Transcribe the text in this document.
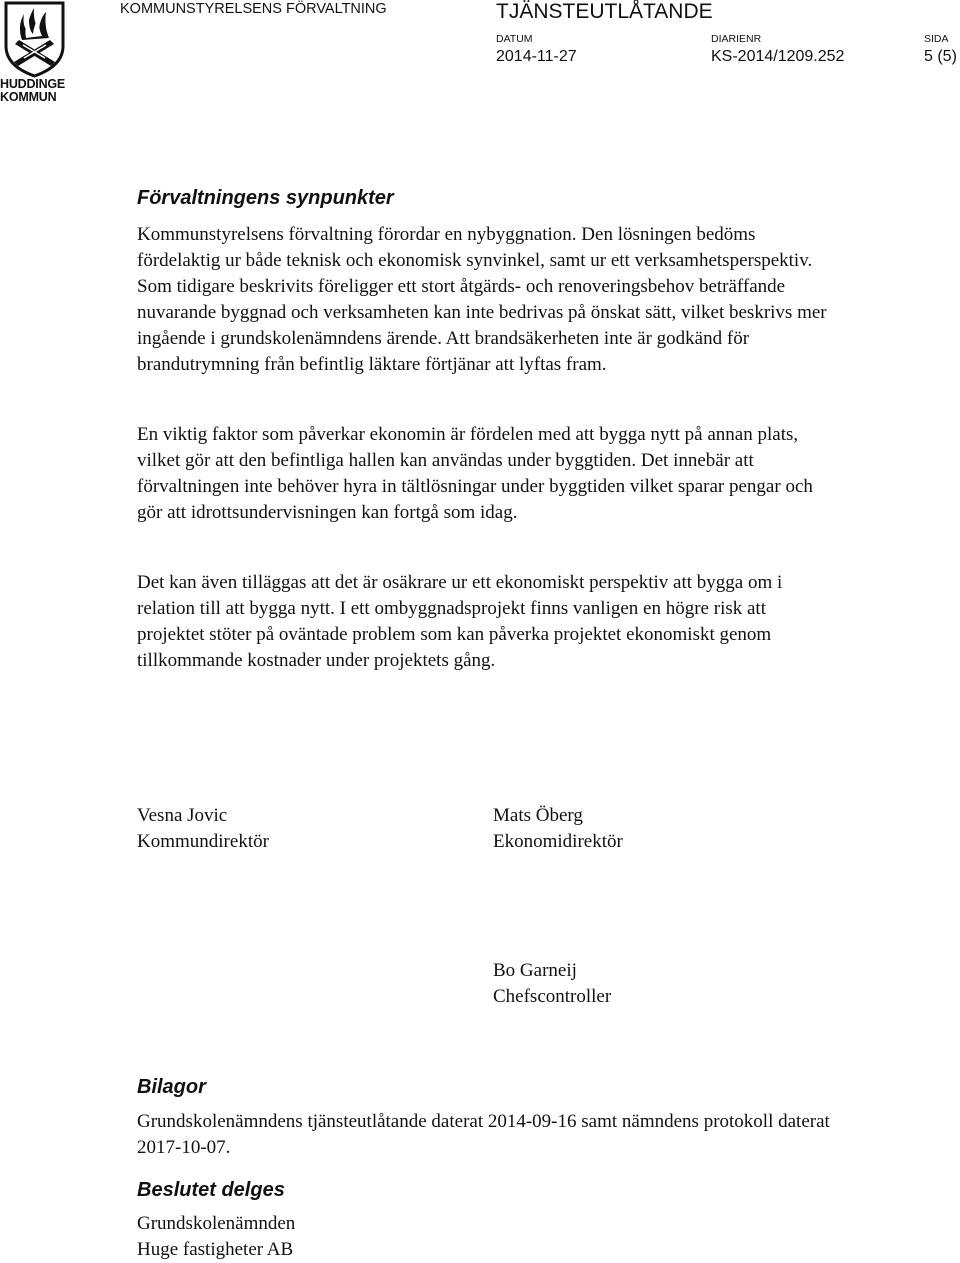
HUDDINGE
KOMMUN
KOMMUNSTYRELSENS FÖRVALTNING	TJÄNSTEUTLÅTANDE
DATUM
2014-11-27
DIARIENR
KS-2014/1209.252
SIDA
5 (5)
Förvaltningens synpunkter

Kommunstyrelsens förvaltning förordar en nybyggnation. Den lösningen bedöms fördelaktig ur både teknisk och ekonomisk synvinkel, samt ur ett verksamhetsperspektiv. Som tidigare beskrivits föreligger ett stort åtgärds- och renoveringsbehov beträffande nuvarande byggnad och verksamheten kan inte bedrivas på önskat sätt, vilket beskrivs mer ingående i grundskolenämndens ärende. Att brandsäkerheten inte är godkänd för brandutrymning från befintlig läktare förtjänar att lyftas fram.

En viktig faktor som påverkar ekonomin är fördelen med att bygga nytt på annan plats, vilket gör att den befintliga hallen kan användas under byggtiden. Det innebär att förvaltningen inte behöver hyra in tältlösningar under byggtiden vilket sparar pengar och gör att idrottsundervisningen kan fortgå som idag.

Det kan även tilläggas att det är osäkrare ur ett ekonomiskt perspektiv att bygga om i relation till att bygga nytt. I ett ombyggnadsprojekt finns vanligen en högre risk att projektet stöter på oväntade problem som kan påverka projektet ekonomiskt genom tillkommande kostnader under projektets gång.

Vesna Jovic
Kommundirektör
Mats Öberg
Ekonomidirektör
Bo Garneij
Chefscontroller
Bilagor

Grundskolenämndens tjänsteutlåtande daterat 2014-09-16 samt nämndens protokoll daterat 2017-10-07.

Beslutet delges
Grundskolenämnden
Huge fastigheter AB
